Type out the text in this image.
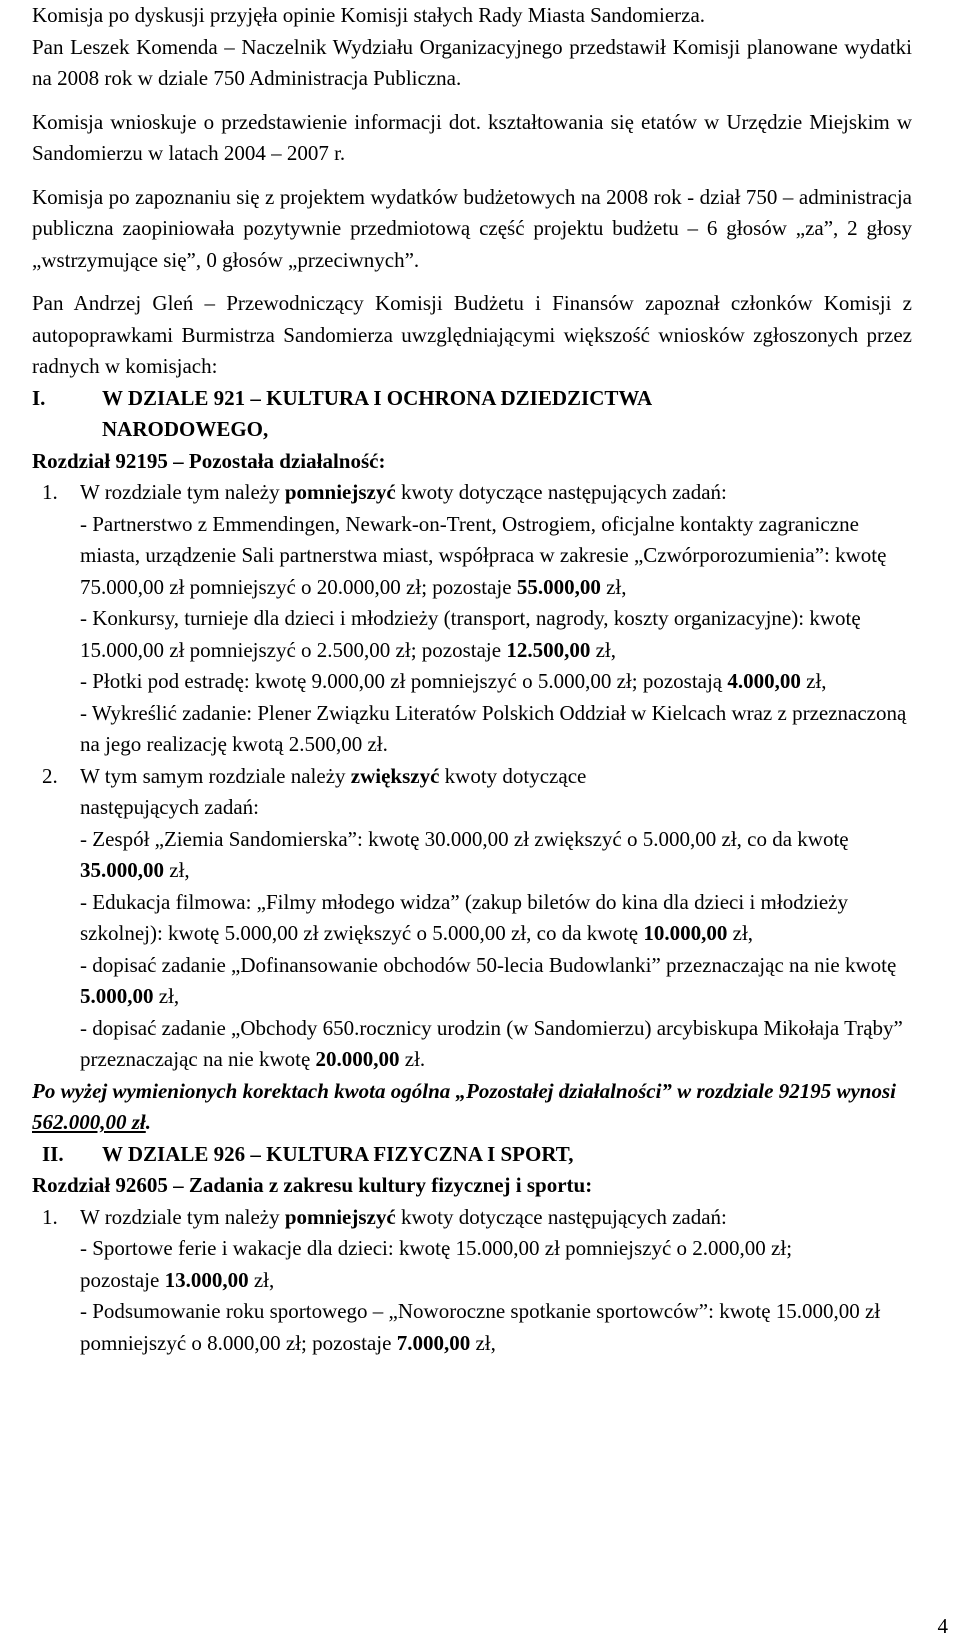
Komisja po dyskusji przyjęła opinie Komisji stałych Rady Miasta Sandomierza.

Pan Leszek Komenda – Naczelnik Wydziału Organizacyjnego przedstawił Komisji planowane wydatki na 2008 rok w dziale 750 Administracja Publiczna.

Komisja wnioskuje o przedstawienie informacji dot. kształtowania się etatów w Urzędzie Miejskim w Sandomierzu w latach 2004 – 2007 r.

Komisja po zapoznaniu się z projektem wydatków budżetowych na 2008 rok - dział 750 – administracja publiczna zaopiniowała pozytywnie przedmiotową część projektu budżetu – 6 głosów „za”, 2 głosy „wstrzymujące się”, 0 głosów „przeciwnych”.

Pan Andrzej Gleń – Przewodniczący Komisji Budżetu i Finansów zapoznał członków Komisji z autopoprawkami Burmistrza Sandomierza uwzględniającymi większość wniosków zgłoszonych przez radnych w komisjach:

I.	W DZIALE 921 – KULTURA I OCHRONA DZIEDZICTWA
NARODOWEGO,

Rozdział 92195 – Pozostała działalność:

1.	W rozdziale tym należy pomniejszyć kwoty dotyczące następujących zadań:

- Partnerstwo z Emmendingen, Newark-on-Trent, Ostrogiem, oficjalne kontakty zagraniczne miasta, urządzenie Sali partnerstwa miast, współpraca w zakresie „Czwórporozumienia”: kwotę 75.000,00 zł pomniejszyć o 20.000,00 zł; pozostaje 55.000,00 zł,

- Konkursy, turnieje dla dzieci i młodzieży (transport, nagrody, koszty organizacyjne): kwotę 15.000,00 zł pomniejszyć o 2.500,00 zł; pozostaje 12.500,00 zł,

- Płotki pod estradę: kwotę 9.000,00 zł pomniejszyć o 5.000,00 zł; pozostają 4.000,00 zł,

- Wykreślić zadanie: Plener Związku Literatów Polskich Oddział w Kielcach wraz z przeznaczoną na jego realizację kwotą 2.500,00 zł.

2.	W tym samym rozdziale należy zwiększyć kwoty dotyczące następujących zadań:

- Zespół „Ziemia Sandomierska”: kwotę 30.000,00 zł zwiększyć o 5.000,00 zł, co da kwotę 35.000,00 zł,

- Edukacja filmowa: „Filmy młodego widza” (zakup biletów do kina dla dzieci i młodzieży szkolnej): kwotę 5.000,00 zł zwiększyć o 5.000,00 zł, co da kwotę 10.000,00 zł,

- dopisać zadanie „Dofinansowanie obchodów 50-lecia Budowlanki” przeznaczając na nie kwotę 5.000,00 zł,

- dopisać zadanie „Obchody 650.rocznicy urodzin (w Sandomierzu) arcybiskupa Mikołaja Trąby” przeznaczając na nie kwotę 20.000,00 zł.

Po wyżej wymienionych korektach kwota ogólna „Pozostałej działalności” w rozdziale 92195 wynosi 562.000,00 zł.

II.	W DZIALE 926 – KULTURA FIZYCZNA I SPORT,

Rozdział 92605 – Zadania z zakresu kultury fizycznej i sportu:

1.	W rozdziale tym należy pomniejszyć kwoty dotyczące następujących zadań:

- Sportowe ferie i wakacje dla dzieci: kwotę 15.000,00 zł pomniejszyć o 2.000,00 zł; pozostaje 13.000,00 zł,

- Podsumowanie roku sportowego – „Noworoczne spotkanie sportowców”: kwotę 15.000,00 zł pomniejszyć o 8.000,00 zł; pozostaje 7.000,00 zł,

4
